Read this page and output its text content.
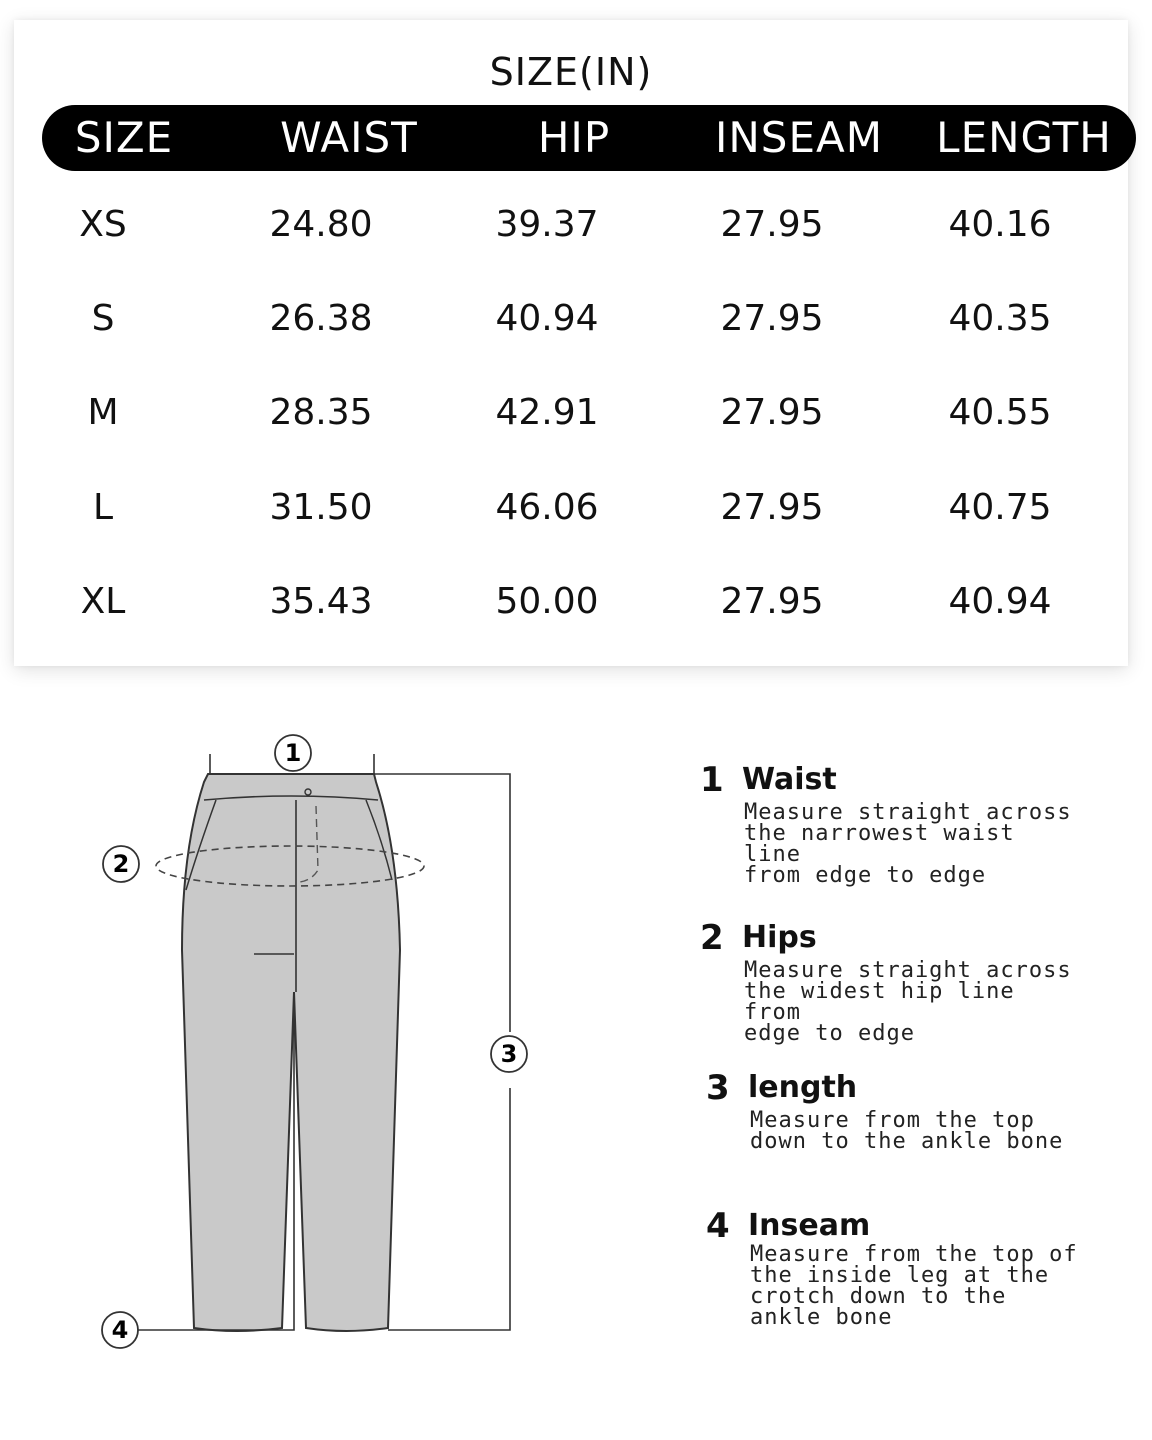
SIZE(IN)
SIZE	WAIST	HIP	INSEAM	LENGTH
XS	24.80	39.37	27.95	40.16
S	26.38	40.94	27.95	40.35
M	28.35	42.91	27.95	40.55
L	31.50	46.06	27.95	40.75
XL	35.43	50.00	27.95	40.94
1
2
3
4
1 Waist
Measure straight across
the narrowest waist line
from edge to edge
2 Hips
Measure straight across
the widest hip line from
edge to edge
3 length
Measure from the top
down to the ankle bone
4 Inseam
Measure from the top of
the inside leg at the
crotch down to the
ankle bone
